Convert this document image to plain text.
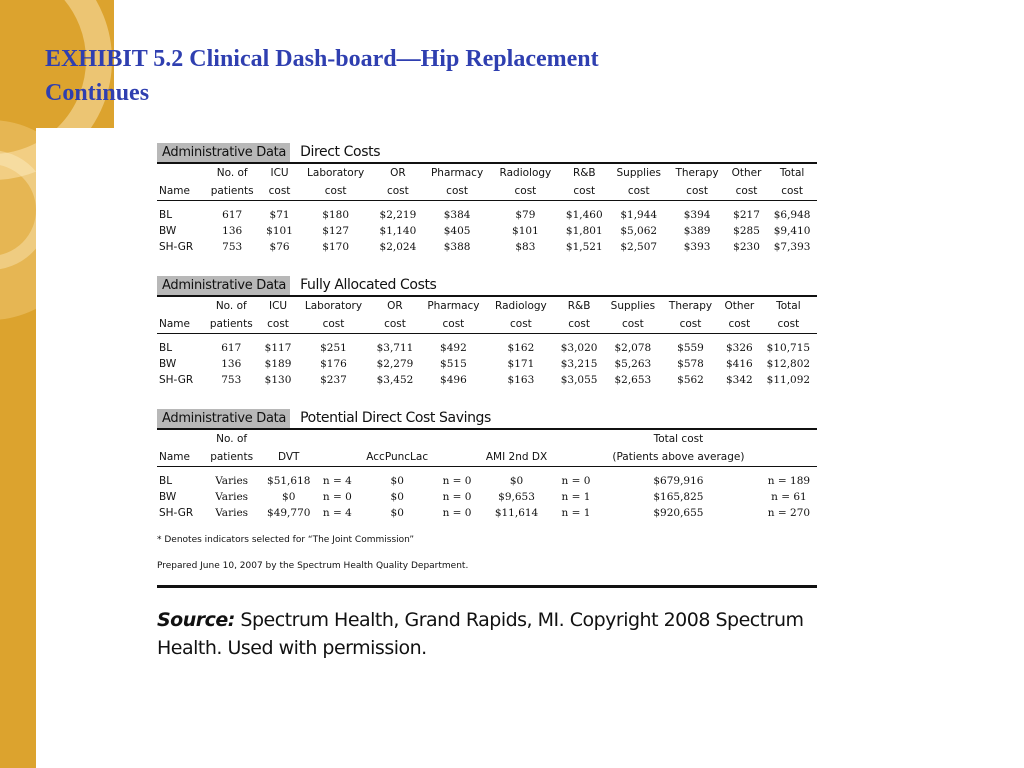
EXHIBIT 5.2 Clinical Dash-board—Hip Replacement
Continues
Administrative Data Direct Costs
	No. of	ICU	Laboratory	OR	Pharmacy	Radiology	R&B	Supplies	Therapy	Other	Total
Name	patients	cost	cost	cost	cost	cost	cost	cost	cost	cost	cost
BL	617	$71	$180	$2,219	$384	$79	$1,460	$1,944	$394	$217	$6,948
BW	136	$101	$127	$1,140	$405	$101	$1,801	$5,062	$389	$285	$9,410
SH-GR	753	$76	$170	$2,024	$388	$83	$1,521	$2,507	$393	$230	$7,393
Administrative Data Fully Allocated Costs
	No. of	ICU	Laboratory	OR	Pharmacy	Radiology	R&B	Supplies	Therapy	Other	Total
Name	patients	cost	cost	cost	cost	cost	cost	cost	cost	cost	cost
BL	617	$117	$251	$3,711	$492	$162	$3,020	$2,078	$559	$326	$10,715
BW	136	$189	$176	$2,279	$515	$171	$3,215	$5,263	$578	$416	$12,802
SH-GR	753	$130	$237	$3,452	$496	$163	$3,055	$2,653	$562	$342	$11,092
Administrative Data Potential Direct Cost Savings
	No. of							Total cost	
Name	patients	DVT		AccPuncLac		AMI 2nd DX		(Patients above average)	
BL	Varies	$51,618	n = 4	$0	n = 0	$0	n = 0	$679,916	n = 189
BW	Varies	$0	n = 0	$0	n = 0	$9,653	n = 1	$165,825	n = 61
SH-GR	Varies	$49,770	n = 4	$0	n = 0	$11,614	n = 1	$920,655	n = 270
* Denotes indicators selected for “The Joint Commission”
Prepared June 10, 2007 by the Spectrum Health Quality Department.
Source: Spectrum Health, Grand Rapids, MI. Copyright 2008 Spectrum Health. Used with permission.
